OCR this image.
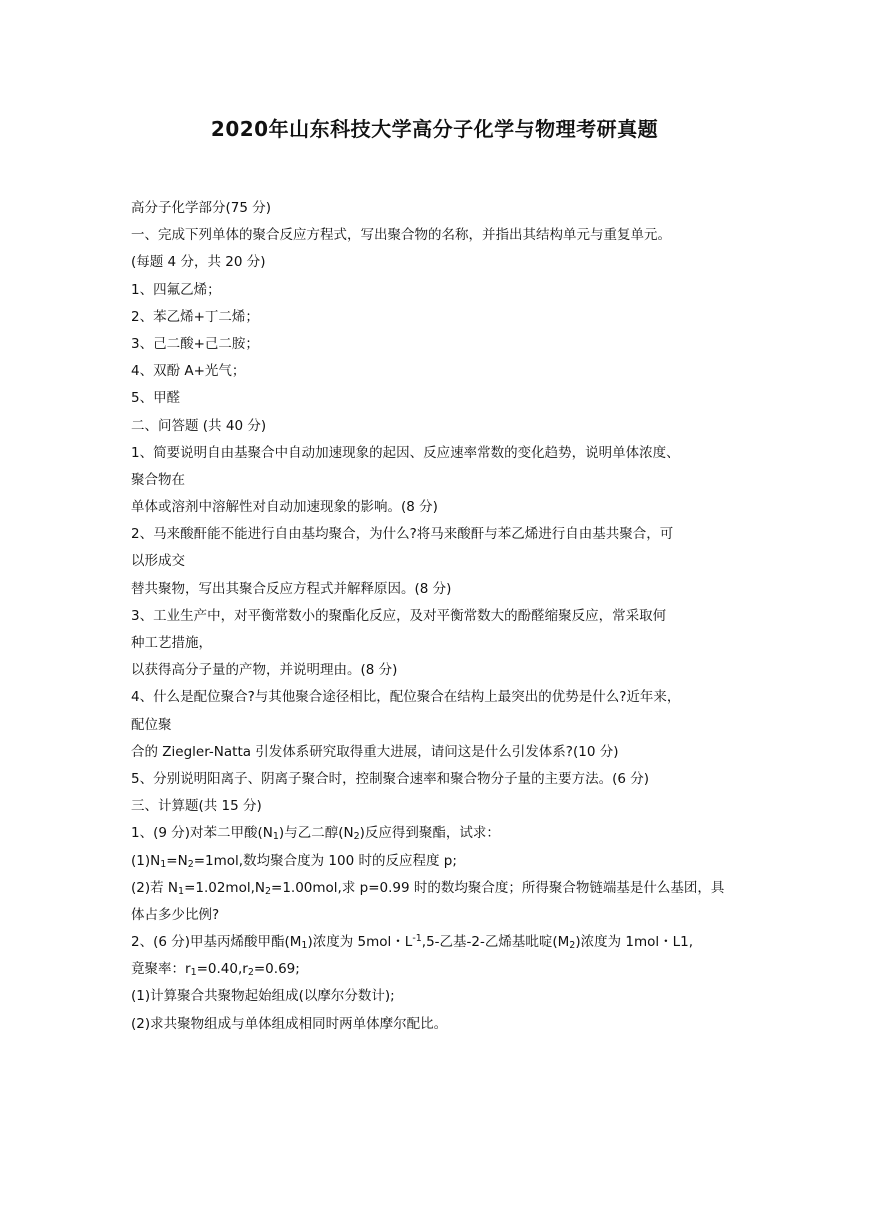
2020年山东科技大学高分子化学与物理考研真题
高分子化学部分(75 分)
一、完成下列单体的聚合反应方程式，写出聚合物的名称，并指出其结构单元与重复单元。
(每题 4 分，共 20 分)
1、四氟乙烯；
2、苯乙烯+丁二烯；
3、己二酸+己二胺；
4、双酚 A+光气；
5、甲醛
二、问答题 (共 40 分)
1、简要说明自由基聚合中自动加速现象的起因、反应速率常数的变化趋势，说明单体浓度、
聚合物在
单体或溶剂中溶解性对自动加速现象的影响。(8 分)
2、马来酸酐能不能进行自由基均聚合，为什么?将马来酸酐与苯乙烯进行自由基共聚合，可
以形成交
替共聚物，写出其聚合反应方程式并解释原因。(8 分)
3、工业生产中，对平衡常数小的聚酯化反应，及对平衡常数大的酚醛缩聚反应，常采取何
种工艺措施，
以获得高分子量的产物，并说明理由。(8 分)
4、什么是配位聚合?与其他聚合途径相比，配位聚合在结构上最突出的优势是什么?近年来，
配位聚
合的 Ziegler-Natta 引发体系研究取得重大进展，请问这是什么引发体系?(10 分)
5、分别说明阳离子、阴离子聚合时，控制聚合速率和聚合物分子量的主要方法。(6 分)
三、计算题(共 15 分)
1、(9 分)对苯二甲酸$(N_1)$与乙二醇$(N_2)$反应得到聚酯，试求：
$(1)N_1=N_2=1mol$,数均聚合度为 100 时的反应程度 p;
(2)若 $N_1=1.02mol,N_2=1.00mol$,求 p=0.99 时的数均聚合度；所得聚合物链端基是什么基团，具
体占多少比例?
2、(6 分)甲基丙烯酸甲酯$(M_1)$浓度为 5mol・$L^{-1},5-$乙基-2-乙烯基吡啶$(M_2)$浓度为 1mol・L1,
竟聚率：$r_1=0.40,r_2=0.69$;
(1)计算聚合共聚物起始组成(以摩尔分数计);
(2)求共聚物组成与单体组成相同时两单体摩尔配比。
